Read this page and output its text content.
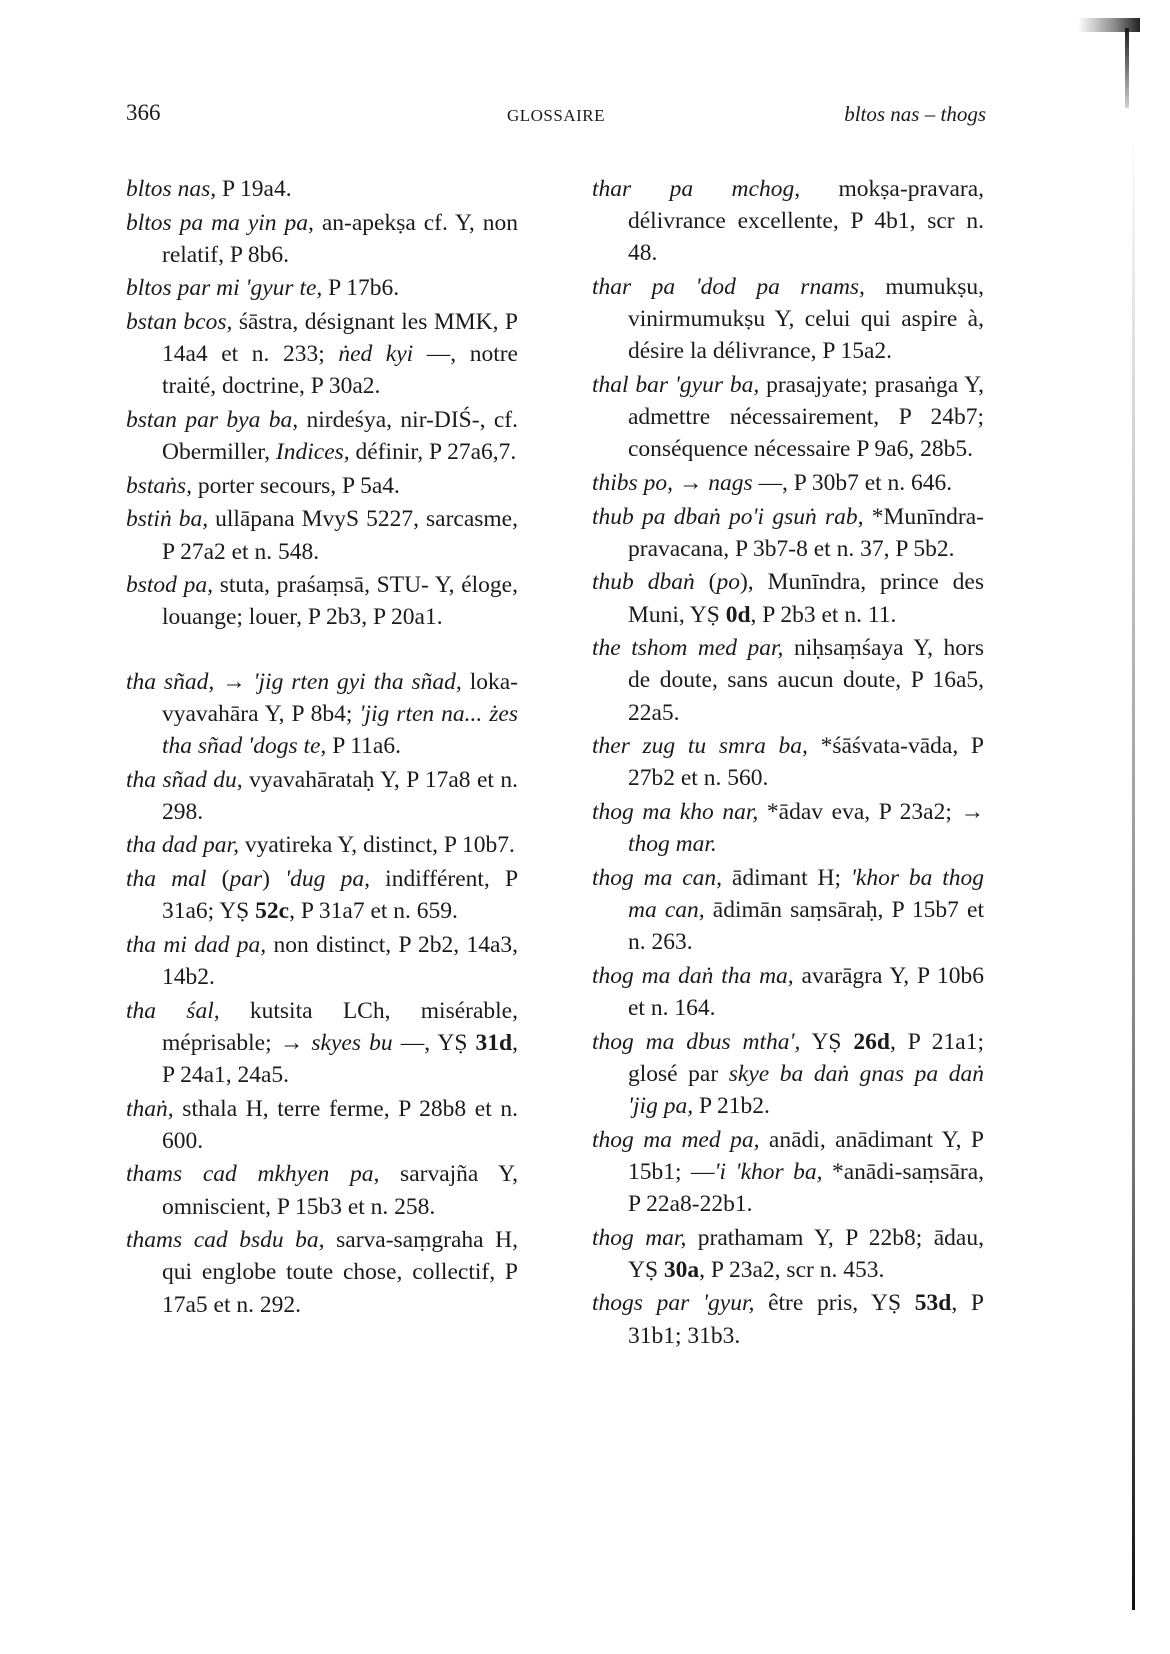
366	GLOSSAIRE	bltos nas – thogs

bltos nas, P 19a4.

bltos pa ma yin pa, an-apekṣa cf. Y, non relatif, P 8b6.

bltos par mi 'gyur te, P 17b6.

bstan bcos, śāstra, désignant les MMK, P 14a4 et n. 233; ṅed kyi —, notre traité, doctrine, P 30a2.

bstan par bya ba, nirdeśya, nir-DIŚ-, cf. Obermiller, Indices, définir, P 27a6,7.

bstaṅs, porter secours, P 5a4.

bstiṅ ba, ullāpana MvyS 5227, sarcasme, P 27a2 et n. 548.

bstod pa, stuta, praśaṃsā, STU- Y, éloge, louange; louer, P 2b3, P 20a1.

tha sñad, → 'jig rten gyi tha sñad, loka-vyavahāra Y, P 8b4; 'jig rten na... żes tha sñad 'dogs te, P 11a6.

tha sñad du, vyavahārataḥ Y, P 17a8 et n. 298.

tha dad par, vyatireka Y, distinct, P 10b7.

tha mal (par) 'dug pa, indifférent, P 31a6; YṢ 52c, P 31a7 et n. 659.

tha mi dad pa, non distinct, P 2b2, 14a3, 14b2.

tha śal, kutsita LCh, misérable, méprisable; → skyes bu —, YṢ 31d, P 24a1, 24a5.

thaṅ, sthala H, terre ferme, P 28b8 et n. 600.

thams cad mkhyen pa, sarvajña Y, omniscient, P 15b3 et n. 258.

thams cad bsdu ba, sarva-saṃgraha H, qui englobe toute chose, collectif, P 17a5 et n. 292.

thar pa mchog, mokṣa-pravara, délivrance excellente, P 4b1, scr n. 48.

thar pa 'dod pa rnams, mumukṣu, vinirmumukṣu Y, celui qui aspire à, désire la délivrance, P 15a2.

thal bar 'gyur ba, prasajyate; prasaṅga Y, admettre nécessairement, P 24b7; conséquence nécessaire P 9a6, 28b5.

thibs po, → nags —, P 30b7 et n. 646.

thub pa dbaṅ po'i gsuṅ rab, *Munīndra-pravacana, P 3b7-8 et n. 37, P 5b2.

thub dbaṅ (po), Munīndra, prince des Muni, YṢ 0d, P 2b3 et n. 11.

the tshom med par, niḥsaṃśaya Y, hors de doute, sans aucun doute, P 16a5, 22a5.

ther zug tu smra ba, *śāśvata-vāda, P 27b2 et n. 560.

thog ma kho nar, *ādav eva, P 23a2; → thog mar.

thog ma can, ādimant H; 'khor ba thog ma can, ādimān saṃsāraḥ, P 15b7 et n. 263.

thog ma daṅ tha ma, avarāgra Y, P 10b6 et n. 164.

thog ma dbus mtha', YṢ 26d, P 21a1; glosé par skye ba daṅ gnas pa daṅ 'jig pa, P 21b2.

thog ma med pa, anādi, anādimant Y, P 15b1; —'i 'khor ba, *anādi-saṃsāra, P 22a8-22b1.

thog mar, prathamam Y, P 22b8; ādau, YṢ 30a, P 23a2, scr n. 453.

thogs par 'gyur, être pris, YṢ 53d, P 31b1; 31b3.
